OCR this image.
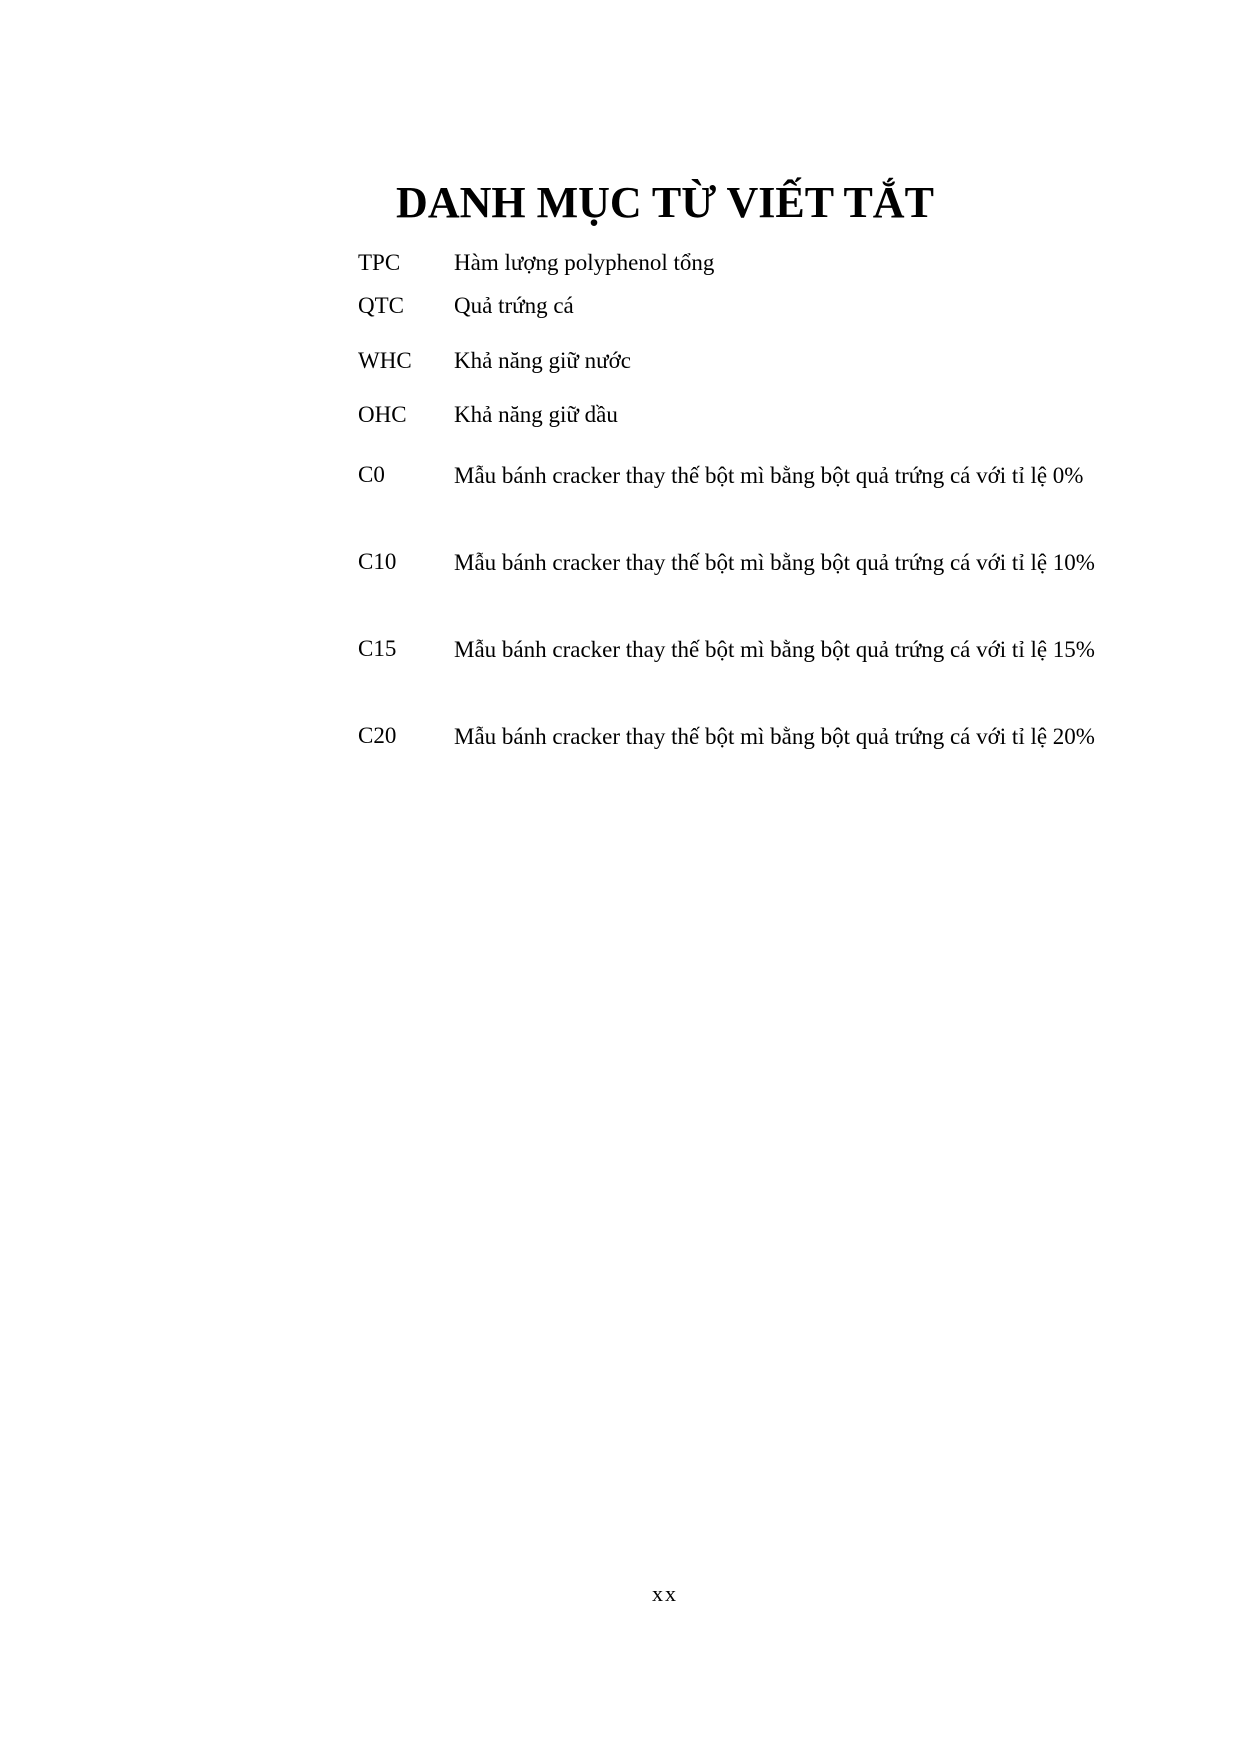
DANH MỤC TỪ VIẾT TẮT
TPC	Hàm lượng polyphenol tổng
QTC	Quả trứng cá
WHC	Khả năng giữ nước
OHC	Khả năng giữ dầu
C0	Mẫu bánh cracker thay thế bột mì bằng bột quả trứng cá với tỉ lệ 0%
C10	Mẫu bánh cracker thay thế bột mì bằng bột quả trứng cá với tỉ lệ 10%
C15	Mẫu bánh cracker thay thế bột mì bằng bột quả trứng cá với tỉ lệ 15%
C20	Mẫu bánh cracker thay thế bột mì bằng bột quả trứng cá với tỉ lệ 20%
xx
